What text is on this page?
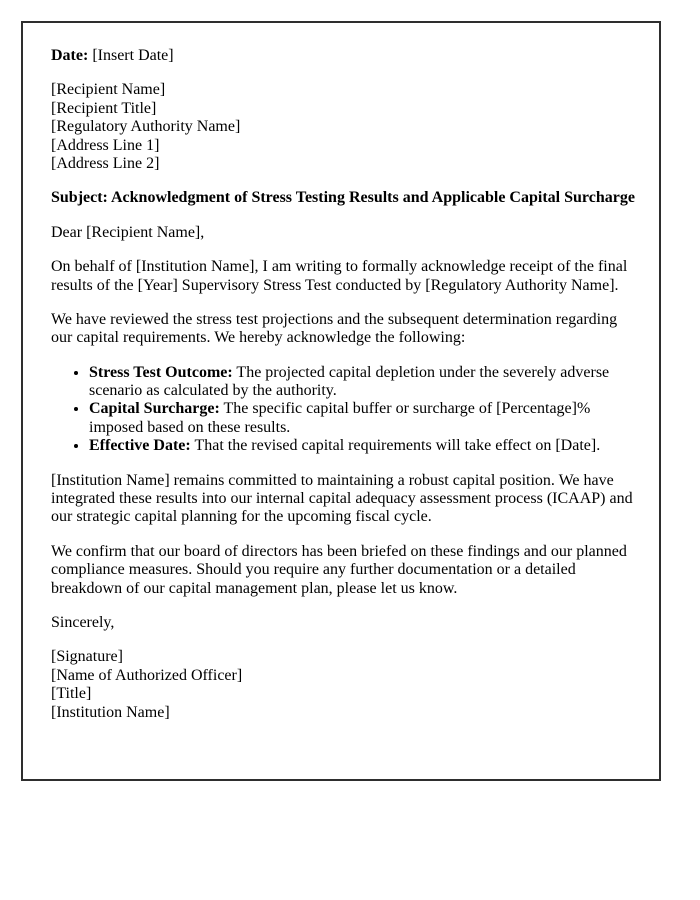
Date: [Insert Date]

[Recipient Name]
[Recipient Title]
[Regulatory Authority Name]
[Address Line 1]
[Address Line 2]

Subject: Acknowledgment of Stress Testing Results and Applicable Capital Surcharge

Dear [Recipient Name],

On behalf of [Institution Name], I am writing to formally acknowledge receipt of the final results of the [Year] Supervisory Stress Test conducted by [Regulatory Authority Name].

We have reviewed the stress test projections and the subsequent determination regarding our capital requirements. We hereby acknowledge the following:

• Stress Test Outcome: The projected capital depletion under the severely adverse scenario as calculated by the authority.
• Capital Surcharge: The specific capital buffer or surcharge of [Percentage]% imposed based on these results.
• Effective Date: That the revised capital requirements will take effect on [Date].

[Institution Name] remains committed to maintaining a robust capital position. We have integrated these results into our internal capital adequacy assessment process (ICAAP) and our strategic capital planning for the upcoming fiscal cycle.

We confirm that our board of directors has been briefed on these findings and our planned compliance measures. Should you require any further documentation or a detailed breakdown of our capital management plan, please let us know.

Sincerely,

[Signature]
[Name of Authorized Officer]
[Title]
[Institution Name]
